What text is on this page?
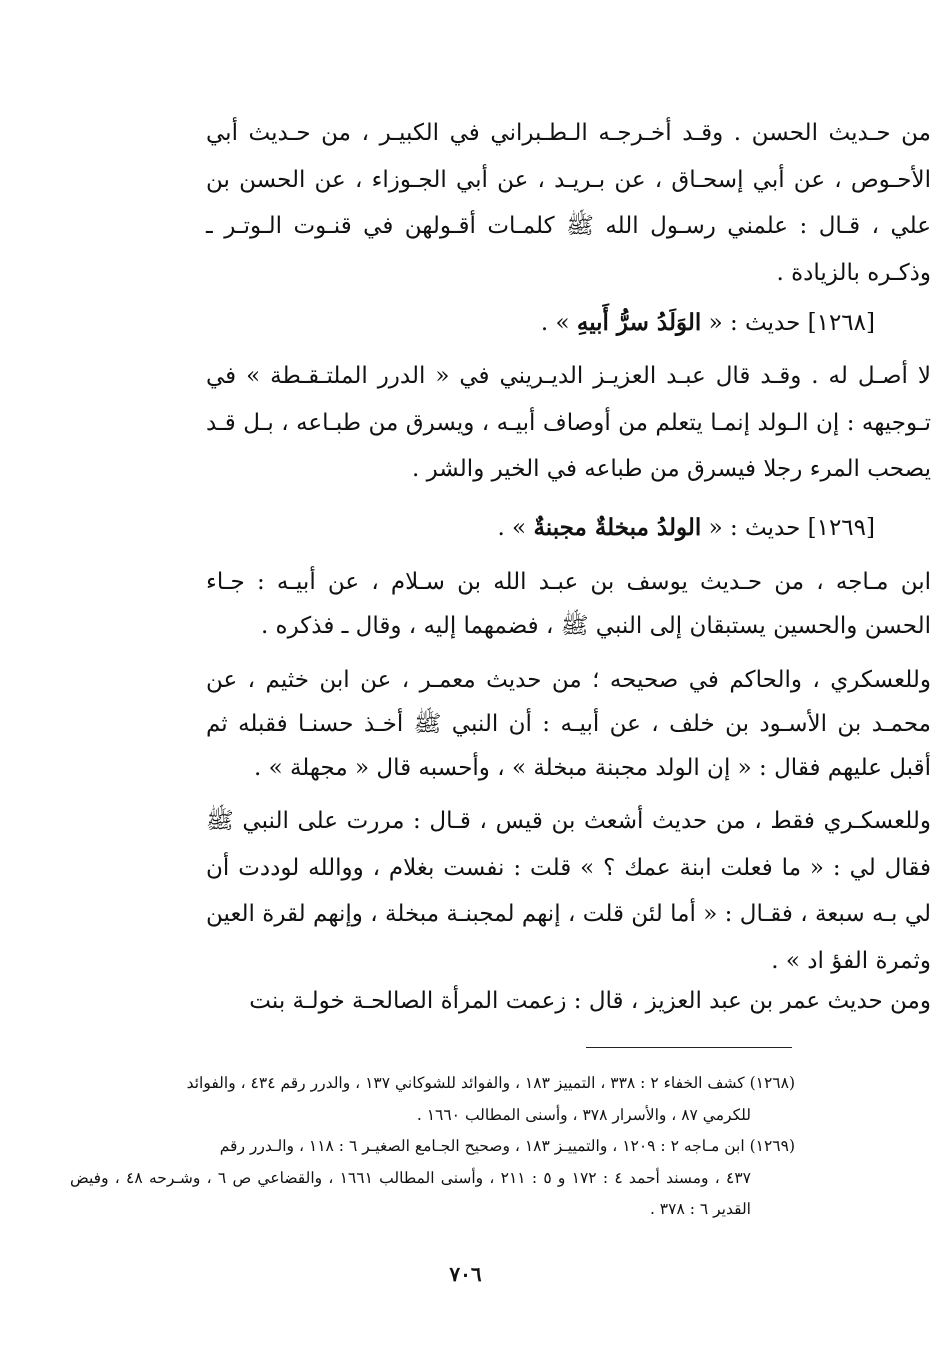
من حـديث الحسن . وقـد أخـرجـه الـطـبراني في الكبيـر ، من حـديث أبي الأحـوص ، عن أبي إسحـاق ، عن بـريـد ، عن أبي الجـوزاء ، عن الحسن بن علي ، قـال : علمني رسـول الله ﷺ كلمـات أقـولهن في قنـوت الـوتـر ـ وذكـره بالزيادة .

[١٢٦٨] حديث : « الوَلَدُ سرُّ أَبيهِ » .

لا أصـل له . وقـد قال عبـد العزيـز الديـريني في « الدرر الملتـقـطة » في تـوجيهه : إن الـولد إنمـا يتعلم من أوصاف أبيـه ، ويسرق من طبـاعه ، بـل قـد يصحب المرء رجلا فيسرق من طباعه في الخير والشر .

[١٢٦٩] حديث : « الولدُ مبخلةٌ مجبنةٌ » .

ابن مـاجه ، من حـديث يوسف بن عبـد الله بن سـلام ، عن أبيـه : جـاء الحسن والحسين يستبقان إلى النبي ﷺ ، فضمهما إليه ، وقال ـ فذكره .

وللعسكري ، والحاكم في صحيحه ؛ من حديث معمـر ، عن ابن خثيم ، عن محمـد بن الأسـود بن خلف ، عن أبيـه : أن النبي ﷺ أخـذ حسنـا فقبله ثم أقبل عليهم فقال : « إن الولد مجبنة مبخلة » ، وأحسبه قال « مجهلة » .

وللعسكـري فقط ، من حديث أشعث بن قيس ، قـال : مررت على النبي ﷺ فقال لي : « ما فعلت ابنة عمك ؟ » قلت : نفست بغلام ، ووالله لوددت أن لي بـه سبعة ، فقـال : « أما لئن قلت ، إنهم لمجبنـة مبخلة ، وإنهم لقرة العين وثمرة الفؤ اد » .

ومن حديث عمر بن عبد العزيز ، قال : زعمت المرأة الصالحـة خولـة بنت

(١٢٦٨) كشف الخفاء ٢ : ٣٣٨ ، التمييز ١٨٣ ، والفوائد للشوكاني ١٣٧ ، والدرر رقم ٤٣٤ ، والفوائد
للكرمي ٨٧ ، والأسرار ٣٧٨ ، وأسنى المطالب ١٦٦٠ .

(١٢٦٩) ابن مـاجه ٢ : ١٢٠٩ ، والتمييـز ١٨٣ ، وصحيح الجـامع الصغيـر ٦ : ١١٨ ، والـدرر رقم
٤٣٧ ، ومسند أحمد ٤ : ١٧٢ و ٥ : ٢١١ ، وأسنى المطالب ١٦٦١ ، والقضاعي ص ٦ ، وشـرحه ٤٨ ، وفيض القدير ٦ : ٣٧٨ .

٧٠٦
